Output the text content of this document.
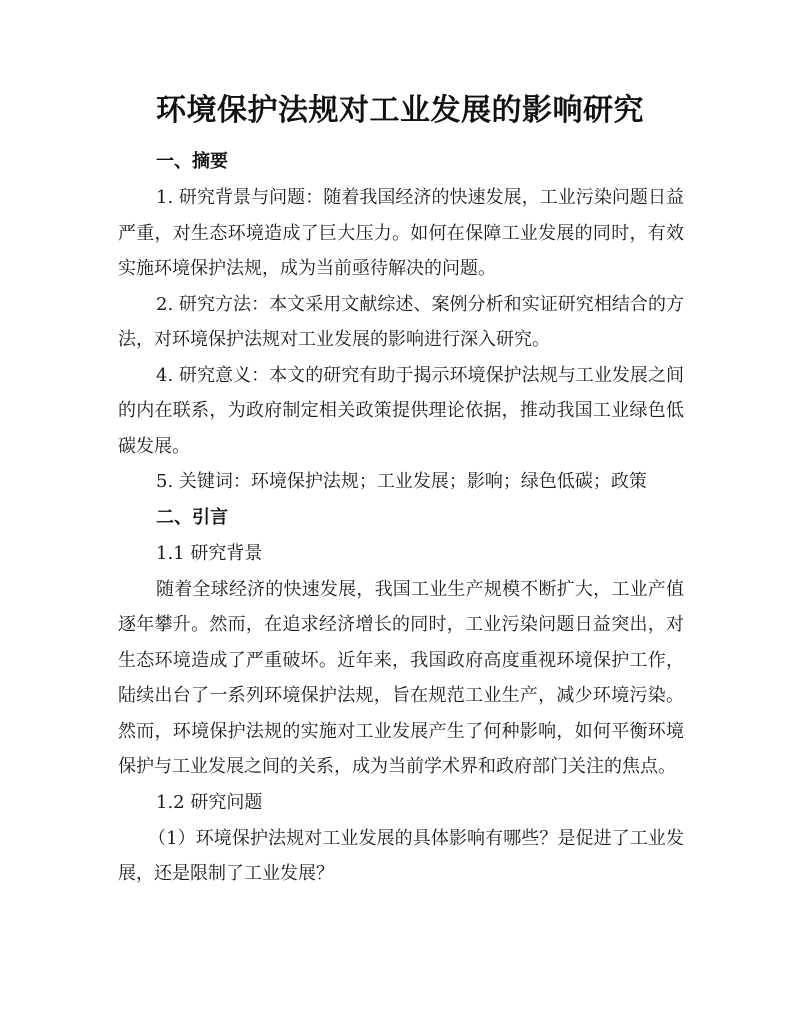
环境保护法规对工业发展的影响研究

一、摘要

1. 研究背景与问题：随着我国经济的快速发展，工业污染问题日益严重，对生态环境造成了巨大压力。如何在保障工业发展的同时，有效实施环境保护法规，成为当前亟待解决的问题。

2. 研究方法：本文采用文献综述、案例分析和实证研究相结合的方法，对环境保护法规对工业发展的影响进行深入研究。

4. 研究意义：本文的研究有助于揭示环境保护法规与工业发展之间的内在联系，为政府制定相关政策提供理论依据，推动我国工业绿色低碳发展。

5. 关键词：环境保护法规；工业发展；影响；绿色低碳；政策

二、引言

1.1 研究背景

随着全球经济的快速发展，我国工业生产规模不断扩大，工业产值逐年攀升。然而，在追求经济增长的同时，工业污染问题日益突出，对生态环境造成了严重破坏。近年来，我国政府高度重视环境保护工作，陆续出台了一系列环境保护法规，旨在规范工业生产，减少环境污染。然而，环境保护法规的实施对工业发展产生了何种影响，如何平衡环境保护与工业发展之间的关系，成为当前学术界和政府部门关注的焦点。

1.2 研究问题

（1）环境保护法规对工业发展的具体影响有哪些？是促进了工业发展，还是限制了工业发展？
